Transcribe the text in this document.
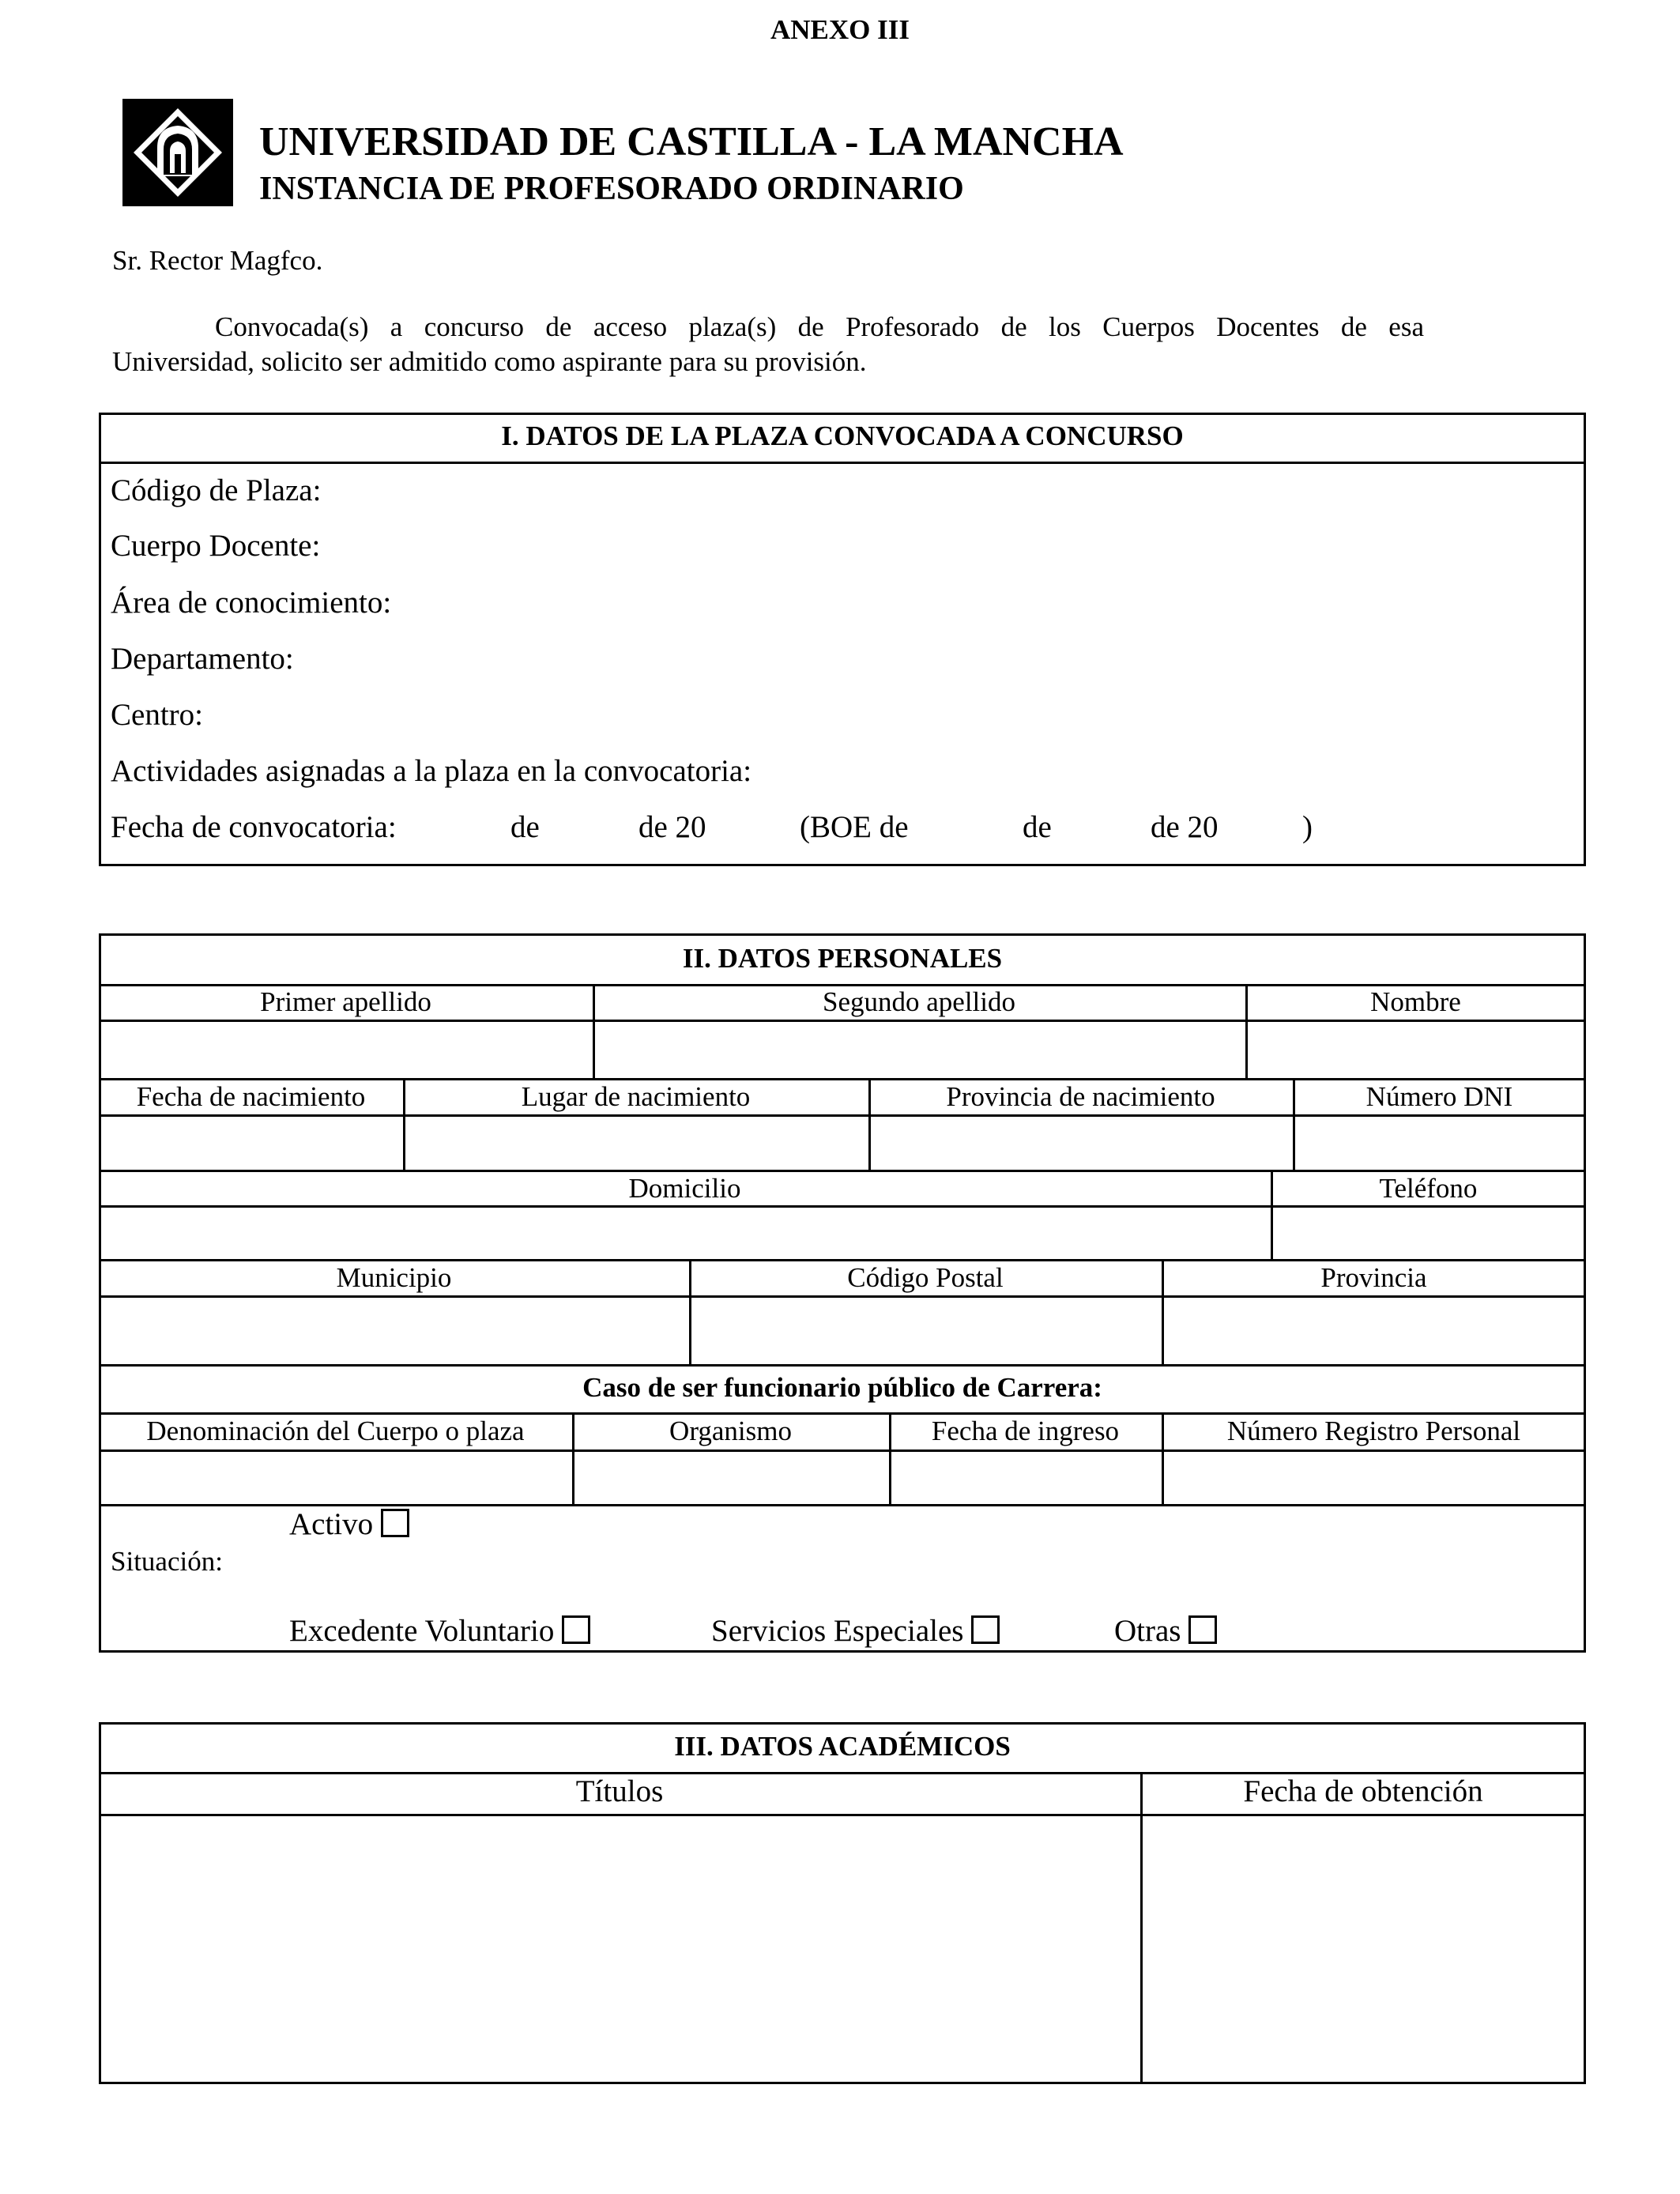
ANEXO III
UNIVERSIDAD DE CASTILLA - LA MANCHA
INSTANCIA DE PROFESORADO ORDINARIO
Sr. Rector Magfco.
Convocada(s) a concurso de acceso plaza(s) de Profesorado de los Cuerpos Docentes de esa
Universidad, solicito ser admitido como aspirante para su provisión.
I. DATOS DE LA PLAZA CONVOCADA A CONCURSO
Código de Plaza:
Cuerpo Docente:
Área de conocimiento:
Departamento:
Centro:
Actividades asignadas a la plaza en la convocatoria:
Fecha de convocatoria:	de	de 20	(BOE de	de	de 20	)
II. DATOS PERSONALES
Primer apellido	Segundo apellido	Nombre
Fecha de nacimiento	Lugar de nacimiento	Provincia de nacimiento	Número DNI
Domicilio	Teléfono
Municipio	Código Postal	Provincia
Caso de ser funcionario público de Carrera:
Denominación del Cuerpo o plaza	Organismo	Fecha de ingreso	Número Registro Personal
Situación:
Activo
Excedente Voluntario	Servicios Especiales	Otras
III. DATOS ACADÉMICOS
Títulos	Fecha de obtención
